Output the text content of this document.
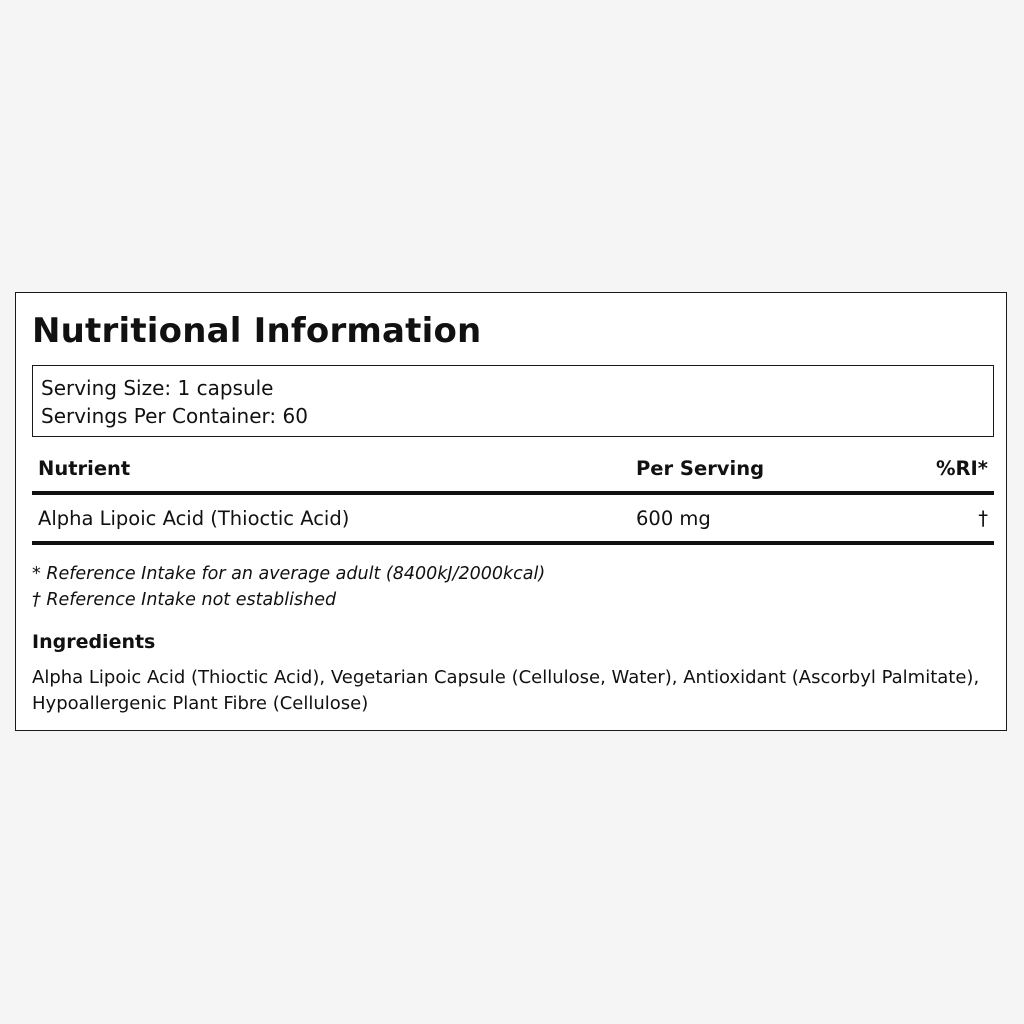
Nutritional Information
Serving Size: 1 capsule
Servings Per Container: 60
Nutrient	Per Serving	%RI*
Alpha Lipoic Acid (Thioctic Acid)	600 mg	†
* Reference Intake for an average adult (8400kJ/2000kcal)
† Reference Intake not established
Ingredients
Alpha Lipoic Acid (Thioctic Acid), Vegetarian Capsule (Cellulose, Water), Antioxidant (Ascorbyl Palmitate), Hypoallergenic Plant Fibre (Cellulose)
